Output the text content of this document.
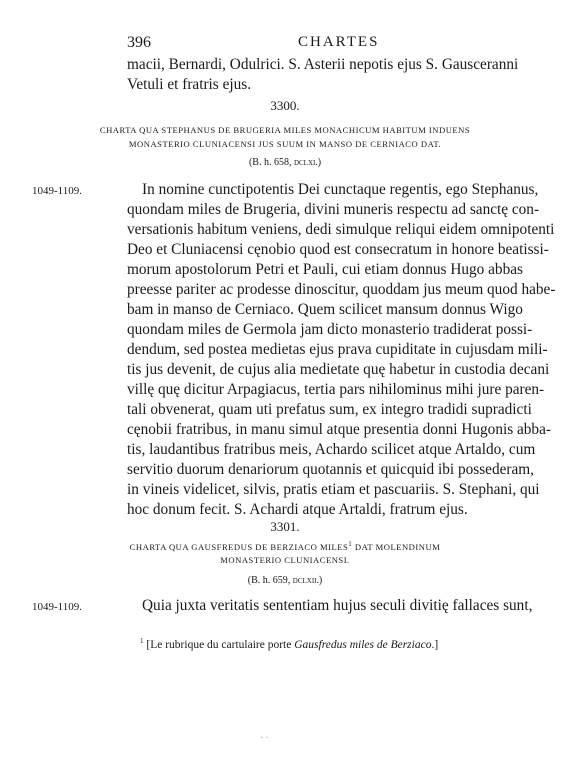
396	CHARTES
macii, Bernardi, Odulrici. S. Asterii nepotis ejus S. Gausceranni
Vetuli et fratris ejus.
3300.
CHARTA QUA STEPHANUS DE BRUGERIA MILES MONACHICUM HABITUM INDUENS
MONASTERIO CLUNIACENSI JUS SUUM IN MANSO DE CERNIACO DAT.
(B. h. 658, dclxi.)
1049-1109.	In nomine cunctipotentis Dei cunctaque regentis, ego Stephanus,
quondam miles de Brugeria, divini muneris respectu ad sanctę con-
versationis habitum veniens, dedi simulque reliqui eidem omnipotenti
Deo et Cluniacensi cęnobio quod est consecratum in honore beatissi-
morum apostolorum Petri et Pauli, cui etiam donnus Hugo abbas
preesse pariter ac prodesse dinoscitur, quoddam jus meum quod habe-
bam in manso de Cerniaco. Quem scilicet mansum donnus Wigo
quondam miles de Germola jam dicto monasterio tradiderat possi-
dendum, sed postea medietas ejus prava cupiditate in cujusdam mili-
tis jus devenit, de cujus alia medietate quę habetur in custodia decani
villę quę dicitur Arpagiacus, tertia pars nihilominus mihi jure paren-
tali obvenerat, quam uti prefatus sum, ex integro tradidi supradicti
cęnobii fratribus, in manu simul atque presentia donni Hugonis abba-
tis, laudantibus fratribus meis, Achardo scilicet atque Artaldo, cum
servitio duorum denariorum quotannis et quicquid ibi possederam,
in vineis videlicet, silvis, pratis etiam et pascuariis. S. Stephani, qui
hoc donum fecit. S. Achardi atque Artaldi, fratrum ejus.
3301.
CHARTA QUA GAUSFREDUS DE BERZIACO MILES$^1$ DAT MOLENDINUM
MONASTERIO CLUNIACENSI.
(B. h. 659, dclxii.)
1049-1109.	Quia juxta veritatis sententiam hujus seculi divitię fallaces sunt,
$^1$ [Le rubrique du cartulaire porte Gausfredus miles de Berziaco.]
· ·
